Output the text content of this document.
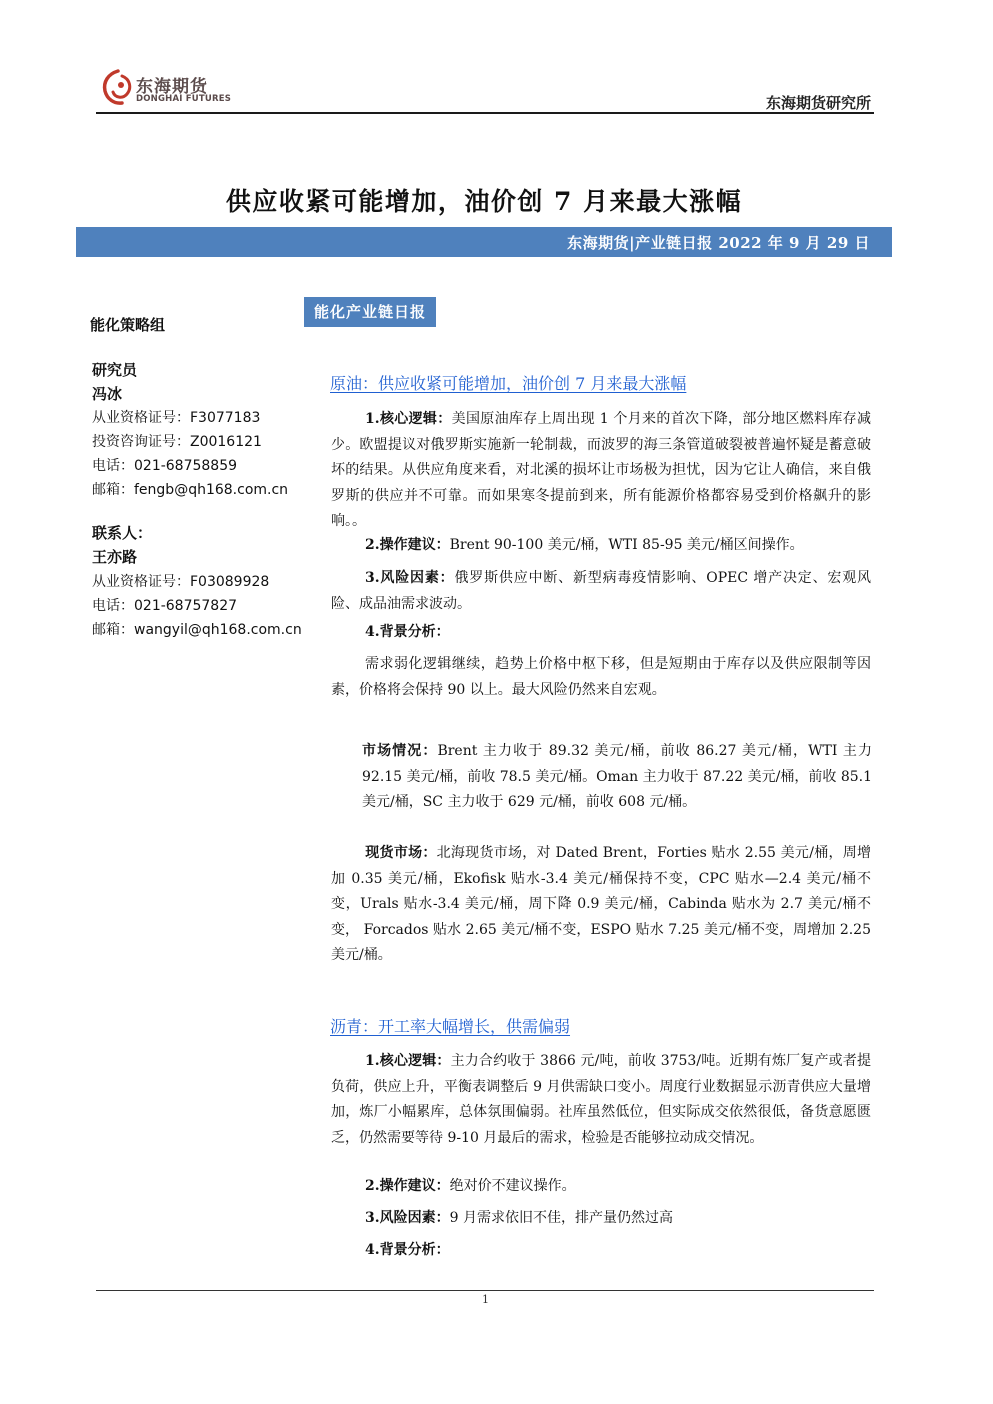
东海期货
DONGHAI FUTURES	东海期货研究所
供应收紧可能增加，油价创 7 月来最大涨幅
东海期货|产业链日报 2022 年 9 月 29 日
能化策略组
研究员
冯冰
从业资格证号：F3077183
投资咨询证号：Z0016121
电话：021-68758859
邮箱：fengb@qh168.com.cn
联系人：
王亦路
从业资格证号：F03089928
电话：021-68757827
邮箱：wangyil@qh168.com.cn
能化产业链日报
原油：供应收紧可能增加，油价创 7 月来最大涨幅
1.核心逻辑：美国原油库存上周出现 1 个月来的首次下降，部分地区燃料库存减少。欧盟提议对俄罗斯实施新一轮制裁，而波罗的海三条管道破裂被普遍怀疑是蓄意破坏的结果。从供应角度来看，对北溪的损坏让市场极为担忧，因为它让人确信，来自俄罗斯的供应并不可靠。而如果寒冬提前到来，所有能源价格都容易受到价格飙升的影响。。
2.操作建议：Brent 90-100 美元/桶，WTI 85-95 美元/桶区间操作。
3.风险因素：俄罗斯供应中断、新型病毒疫情影响、OPEC 增产决定、宏观风险、成品油需求波动。
4.背景分析：
需求弱化逻辑继续，趋势上价格中枢下移，但是短期由于库存以及供应限制等因素，价格将会保持 90 以上。最大风险仍然来自宏观。
市场情况：Brent 主力收于 89.32 美元/桶，前收 86.27 美元/桶，WTI 主力 92.15 美元/桶，前收 78.5 美元/桶。Oman 主力收于 87.22 美元/桶，前收 85.1 美元/桶，SC 主力收于 629 元/桶，前收 608 元/桶。
现货市场：北海现货市场，对 Dated Brent，Forties 贴水 2.55 美元/桶，周增加 0.35 美元/桶，Ekofisk 贴水-3.4 美元/桶保持不变，CPC 贴水—2.4 美元/桶不变，Urals 贴水-3.4 美元/桶，周下降 0.9 美元/桶，Cabinda 贴水为 2.7 美元/桶不变， Forcados 贴水 2.65 美元/桶不变，ESPO 贴水 7.25 美元/桶不变，周增加 2.25 美元/桶。
沥青：开工率大幅增长，供需偏弱
1.核心逻辑：主力合约收于 3866 元/吨，前收 3753/吨。近期有炼厂复产或者提负荷，供应上升，平衡表调整后 9 月供需缺口变小。周度行业数据显示沥青供应大量增加，炼厂小幅累库，总体氛围偏弱。社库虽然低位，但实际成交依然很低，备货意愿匮乏，仍然需要等待 9-10 月最后的需求，检验是否能够拉动成交情况。
2.操作建议：绝对价不建议操作。
3.风险因素：9 月需求依旧不佳，排产量仍然过高
4.背景分析：
1
